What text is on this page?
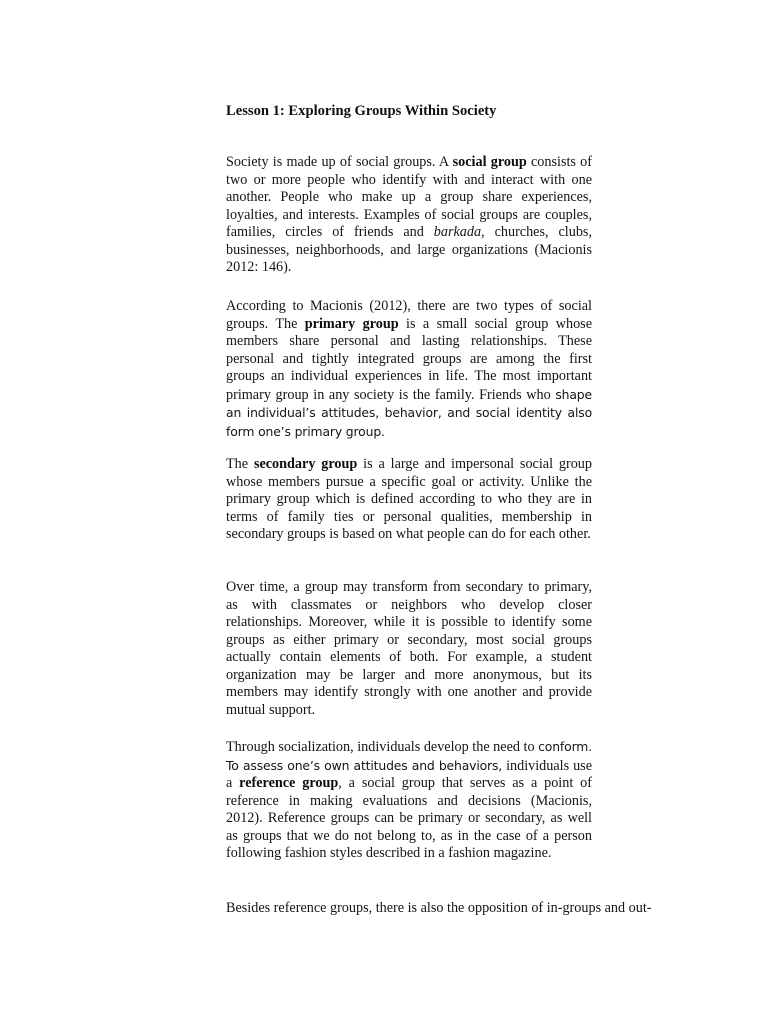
Lesson 1: Exploring Groups Within Society

Society is made up of social groups. A social group consists of two or more people who identify with and interact with one another. People who make up a group share experiences, loyalties, and interests. Examples of social groups are couples, families, circles of friends and barkada, churches, clubs, businesses, neighborhoods, and large organizations (Macionis 2012: 146).

According to Macionis (2012), there are two types of social groups. The primary group is a small social group whose members share personal and lasting relationships. These personal and tightly integrated groups are among the first groups an individual experiences in life. The most important primary group in any society is the family. Friends who shape an individual’s attitudes, behavior, and social identity also form one’s primary group.

The secondary group is a large and impersonal social group whose members pursue a specific goal or activity. Unlike the primary group which is defined according to who they are in terms of family ties or personal qualities, membership in secondary groups is based on what people can do for each other.

Over time, a group may transform from secondary to primary, as with classmates or neighbors who develop closer relationships. Moreover, while it is possible to identify some groups as either primary or secondary, most social groups actually contain elements of both. For example, a student organization may be larger and more anonymous, but its members may identify strongly with one another and provide mutual support.

Through socialization, individuals develop the need to conform. To assess one’s own attitudes and behaviors, individuals use a reference group, a social group that serves as a point of reference in making evaluations and decisions (Macionis, 2012). Reference groups can be primary or secondary, as well as groups that we do not belong to, as in the case of a person following fashion styles described in a fashion magazine.

Besides reference groups, there is also the opposition of in-groups and out-
